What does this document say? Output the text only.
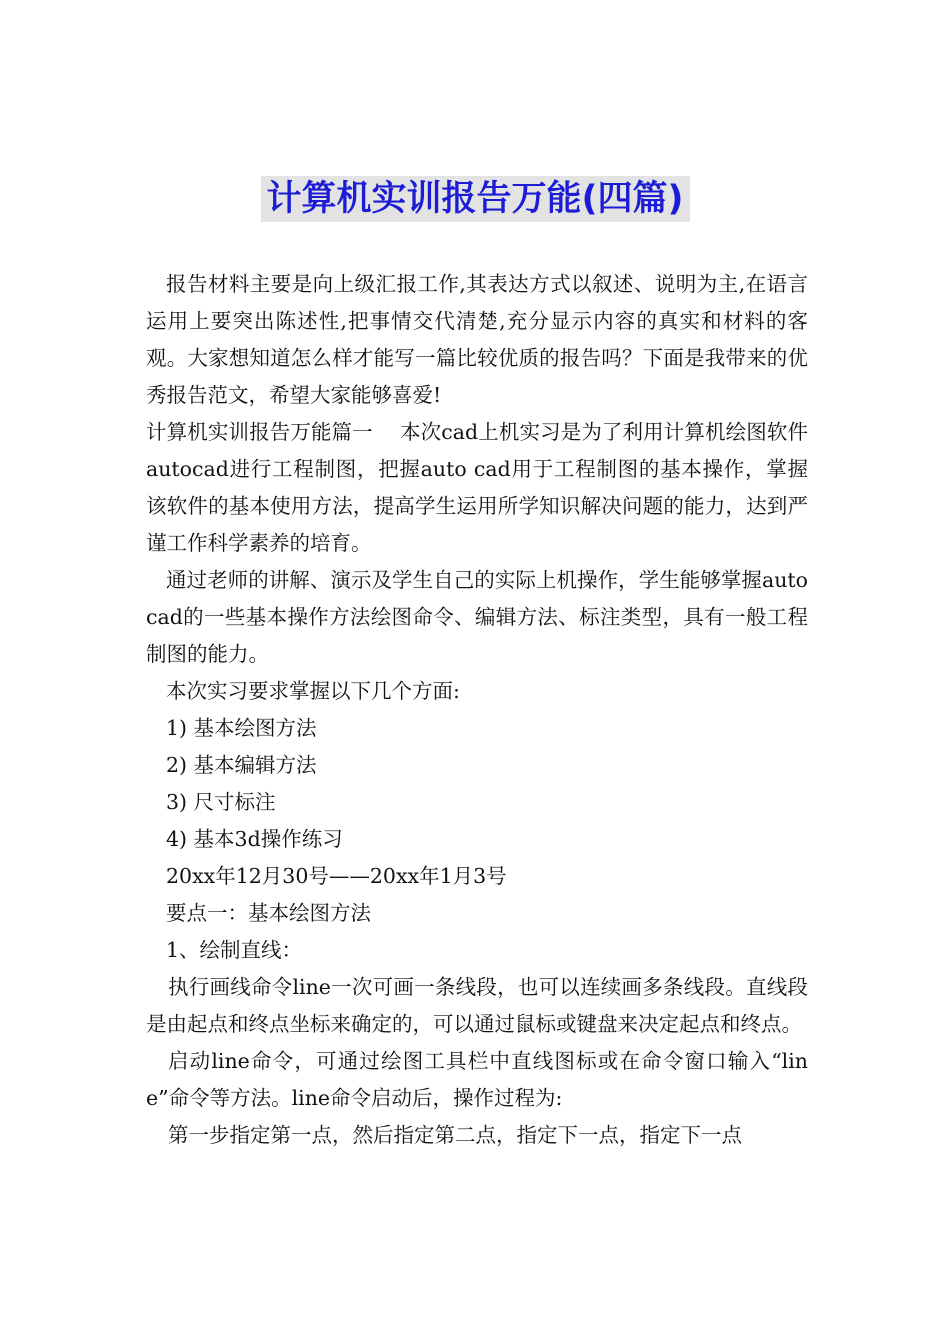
计算机实训报告万能(四篇)

报告材料主要是向上级汇报工作,其表达方式以叙述、说明为主,在语言运用上要突出陈述性,把事情交代清楚,充分显示内容的真实和材料的客观。大家想知道怎么样才能写一篇比较优质的报告吗？下面是我带来的优秀报告范文，希望大家能够喜爱!

计算机实训报告万能篇一　 本次cad上机实习是为了利用计算机绘图软件autocad进行工程制图，把握auto cad用于工程制图的基本操作，掌握该软件的基本使用方法，提高学生运用所学知识解决问题的能力，达到严谨工作科学素养的培育。

通过老师的讲解、演示及学生自己的实际上机操作，学生能够掌握autocad的一些基本操作方法绘图命令、编辑方法、标注类型，具有一般工程制图的能力。

本次实习要求掌握以下几个方面:

1) 基本绘图方法

2) 基本编辑方法

3) 尺寸标注

4) 基本3d操作练习

20xx年12月30号——20xx年1月3号

要点一：基本绘图方法

1、绘制直线：

执行画线命令line一次可画一条线段，也可以连续画多条线段。直线段是由起点和终点坐标来确定的，可以通过鼠标或键盘来决定起点和终点。

启动line命令，可通过绘图工具栏中直线图标或在命令窗口输入“line”命令等方法。line命令启动后，操作过程为:

第一步指定第一点，然后指定第二点，指定下一点，指定下一点
